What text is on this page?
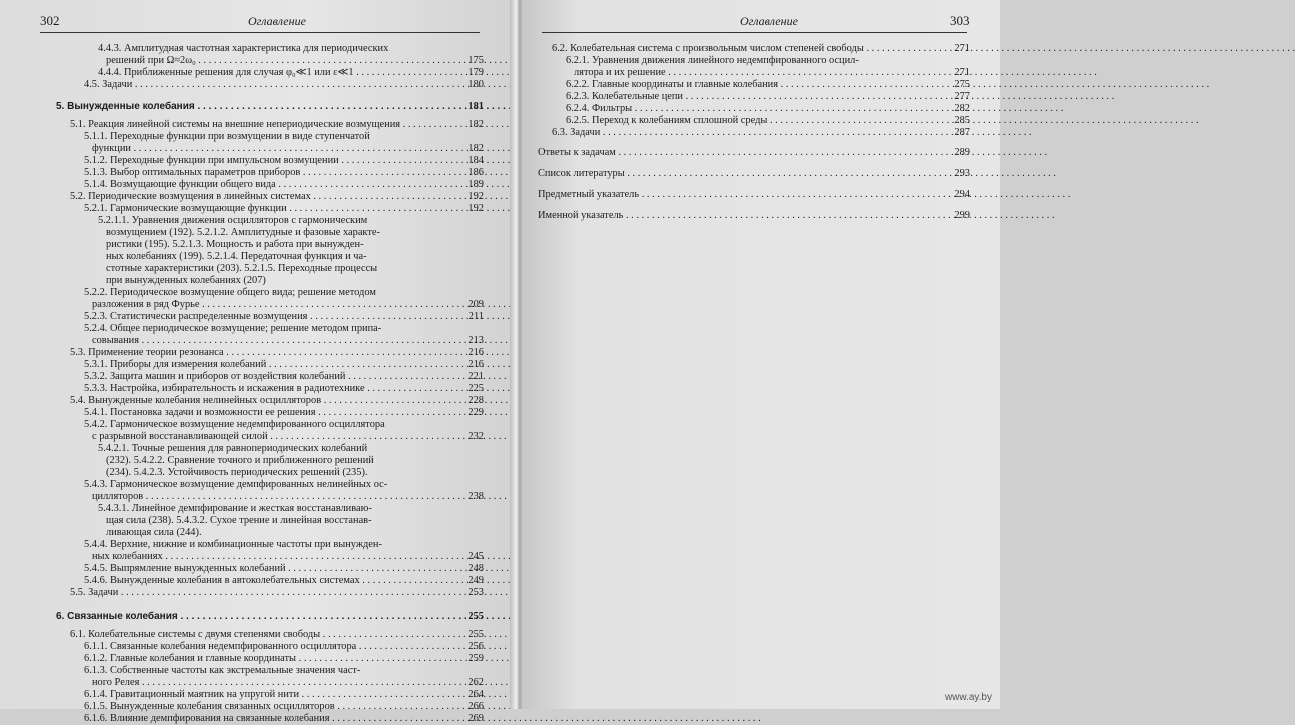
302	Оглавление
4.4.3. Амплитудная частотная характеристика для периодических
решений при Ω≈2ω₀ . . .	175
4.4.4. Приближенные решения для случая φ₀≪1 или ε≪1 . . .	179
4.5. Задачи . . .	180
5. Вынужденные колебания . . .	181
5.1. Реакция линейной системы на внешние непериодические возмущения . . .	182
5.1.1. Переходные функции при возмущении в виде ступенчатой
функции . . .	182
5.1.2. Переходные функции при импульсном возмущении . . .	184
5.1.3. Выбор оптимальных параметров приборов . . .	186
5.1.4. Возмущающие функции общего вида . . .	189
5.2. Периодические возмущения в линейных системах . . .	192
5.2.1. Гармонические возмущающие функции . . .	192
5.2.1.1. Уравнения движения осцилляторов с гармоническим
возмущением (192). 5.2.1.2. Амплитудные и фазовые характе-
ристики (195). 5.2.1.3. Мощность и работа при вынужден-
ных колебаниях (199). 5.2.1.4. Передаточная функция и ча-
стотные характеристики (203). 5.2.1.5. Переходные процессы
при вынужденных колебаниях (207)
5.2.2. Периодическое возмущение общего вида; решение методом
разложения в ряд Фурье . . .	209
5.2.3. Статистически распределенные возмущения . . .	211
5.2.4. Общее периодическое возмущение; решение методом припа-
совывания . . .	213
5.3. Применение теории резонанса . . .	216
5.3.1. Приборы для измерения колебаний . . .	216
5.3.2. Защита машин и приборов от воздействия колебаний . . .	221
5.3.3. Настройка, избирательность и искажения в радиотехнике . . .	225
5.4. Вынужденные колебания нелинейных осцилляторов . . .	228
5.4.1. Постановка задачи и возможности ее решения . . .	229
5.4.2. Гармоническое возмущение недемпфированного осциллятора
с разрывной восстанавливающей силой . . .	232
5.4.2.1. Точные решения для равнопериодических колебаний
(232). 5.4.2.2. Сравнение точного и приближенного решений
(234). 5.4.2.3. Устойчивость периодических решений (235).
5.4.3. Гармоническое возмущение демпфированных нелинейных ос-
цилляторов . . .	238
5.4.3.1. Линейное демпфирование и жесткая восстанавливаю-
щая сила (238). 5.4.3.2. Сухое трение и линейная восстанав-
ливающая сила (244).
5.4.4. Верхние, нижние и комбинационные частоты при вынужден-
ных колебаниях . . .	245
5.4.5. Выпрямление вынужденных колебаний . . .	248
5.4.6. Вынужденные колебания в автоколебательных системах . . .	249
5.5. Задачи . . .	253
6. Связанные колебания . . .	255
6.1. Колебательные системы с двумя степенями свободы . . .	255
6.1.1. Связанные колебания недемпфированного осциллятора . . .	256
6.1.2. Главные колебания и главные координаты . . .	259
6.1.3. Собственные частоты как экстремальные значения част-
ного Релея . . .	262
6.1.4. Гравитационный маятник на упругой нити . . .	264
6.1.5. Вынужденные колебания связанных осцилляторов . . .	266
6.1.6. Влияние демпфирования на связанные колебания . . .	269
Оглавление	303
6.2. Колебательная система с произвольным числом степеней свободы . . .	271
6.2.1. Уравнения движения линейного недемпфированного осцил-
лятора и их решение . . .	271
6.2.2. Главные координаты и главные колебания . . .	275
6.2.3. Колебательные цепи . . .	277
6.2.4. Фильтры . . .	282
6.2.5. Переход к колебаниям сплошной среды . . .	285
6.3. Задачи . . .	287
Ответы к задачам . . .	289
Список литературы . . .	293
Предметный указатель . . .	294
Именной указатель . . .	299
www.ay.by
